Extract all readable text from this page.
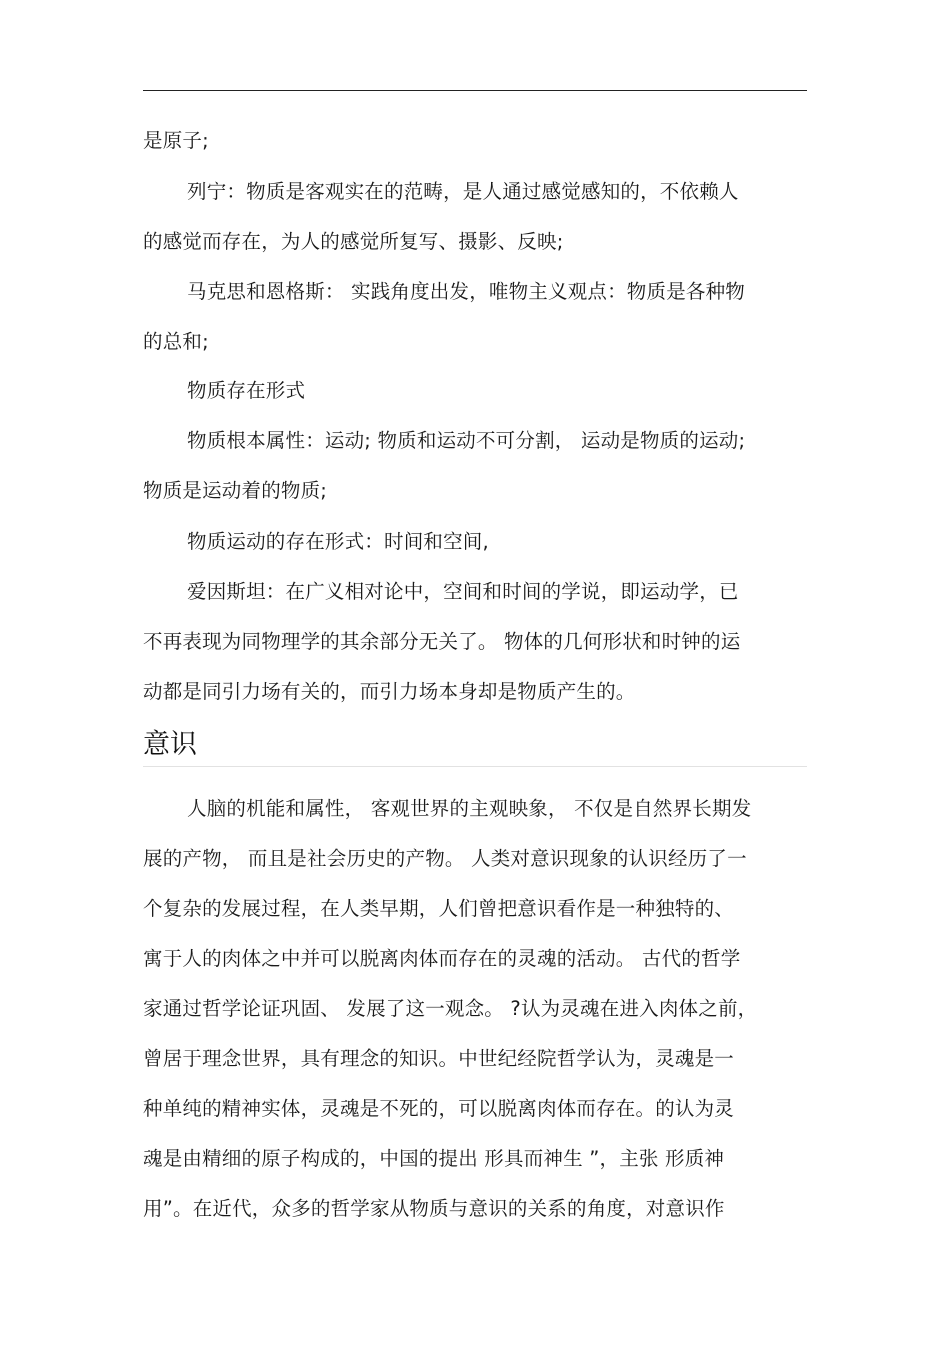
是原子;
列宁：物质是客观实在的范畴，是人通过感觉感知的，不依赖人
的感觉而存在，为人的感觉所复写、摄影、反映;
马克思和恩格斯： 实践角度出发，唯物主义观点：物质是各种物
的总和;
物质存在形式
物质根本属性：运动; 物质和运动不可分割， 运动是物质的运动;
物质是运动着的物质;
物质运动的存在形式：时间和空间,
爱因斯坦：在广义相对论中，空间和时间的学说，即运动学，已
不再表现为同物理学的其余部分无关了。 物体的几何形状和时钟的运
动都是同引力场有关的，而引力场本身却是物质产生的。
意识
人脑的机能和属性， 客观世界的主观映象， 不仅是自然界长期发
展的产物， 而且是社会历史的产物。 人类对意识现象的认识经历了一
个复杂的发展过程，在人类早期，人们曾把意识看作是一种独特的、
寓于人的肉体之中并可以脱离肉体而存在的灵魂的活动。 古代的哲学
家通过哲学论证巩固、 发展了这一观念。 ?认为灵魂在进入肉体之前，
曾居于理念世界，具有理念的知识。中世纪经院哲学认为，灵魂是一
种单纯的精神实体，灵魂是不死的，可以脱离肉体而存在。的认为灵
魂是由精细的原子构成的，中国的提出 形具而神生 ”，主张 形质神
用”。在近代，众多的哲学家从物质与意识的关系的角度，对意识作
